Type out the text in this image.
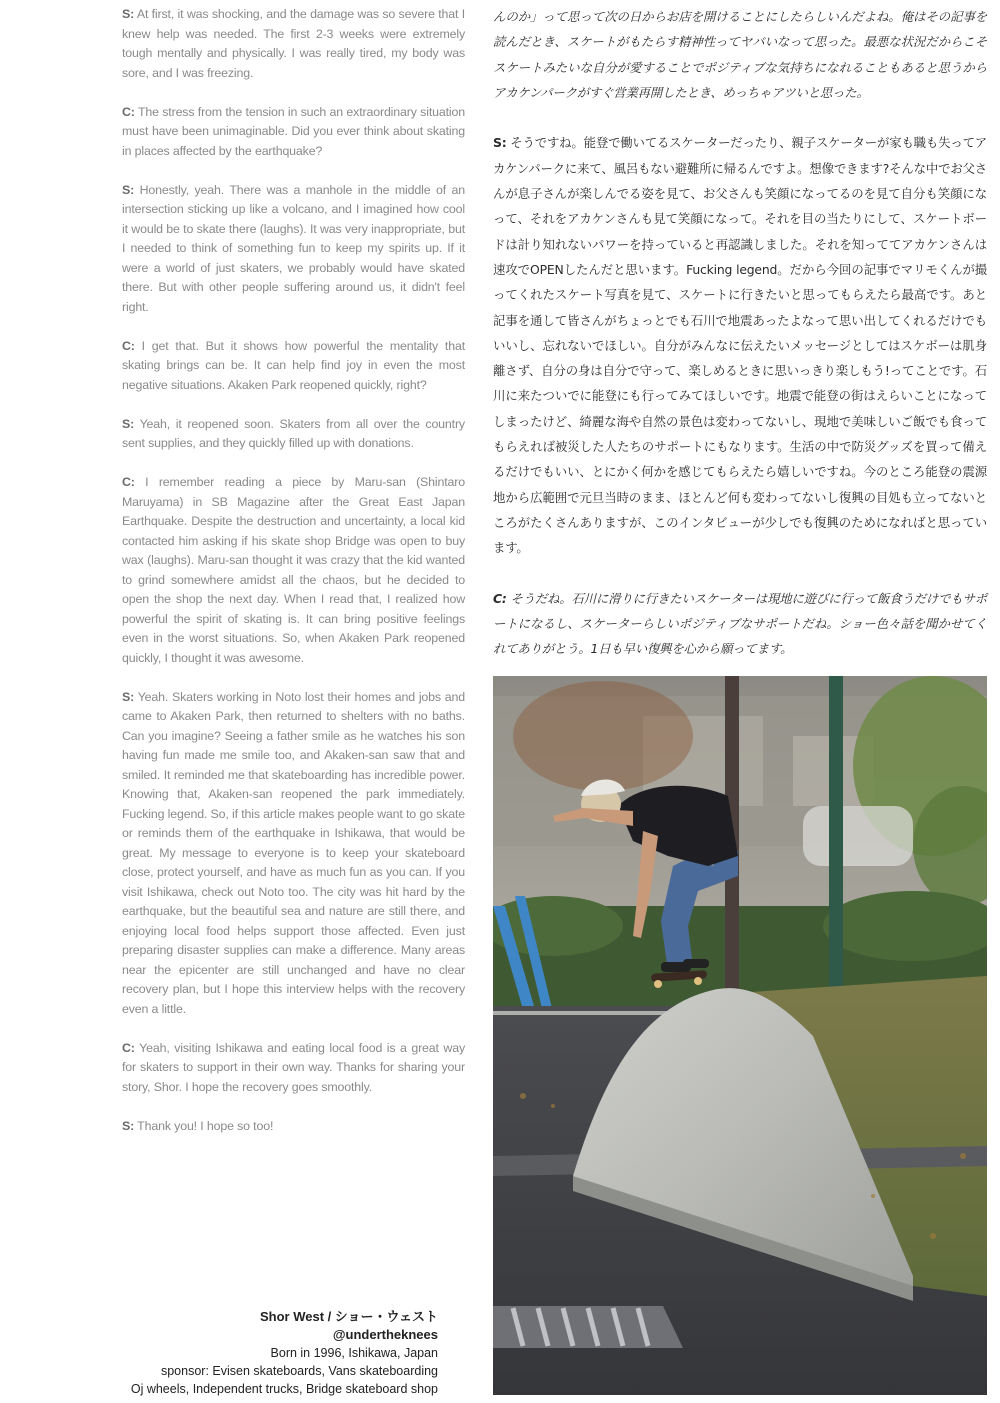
S: At first, it was shocking, and the damage was so severe that I knew help was needed. The first 2-3 weeks were extremely tough mentally and physically. I was really tired, my body was sore, and I was freezing.

C: The stress from the tension in such an extraordinary situation must have been unimaginable. Did you ever think about skating in places affected by the earthquake?

S: Honestly, yeah. There was a manhole in the middle of an intersection sticking up like a volcano, and I imagined how cool it would be to skate there (laughs). It was very inappropriate, but I needed to think of something fun to keep my spirits up. If it were a world of just skaters, we probably would have skated there. But with other people suffering around us, it didn't feel right.

C: I get that. But it shows how powerful the mentality that skating brings can be. It can help find joy in even the most negative situations. Akaken Park reopened quickly, right?

S: Yeah, it reopened soon. Skaters from all over the country sent supplies, and they quickly filled up with donations.

C: I remember reading a piece by Maru-san (Shintaro Maruyama) in SB Magazine after the Great East Japan Earthquake. Despite the destruction and uncertainty, a local kid contacted him asking if his skate shop Bridge was open to buy wax (laughs). Maru-san thought it was crazy that the kid wanted to grind somewhere amidst all the chaos, but he decided to open the shop the next day. When I read that, I realized how powerful the spirit of skating is. It can bring positive feelings even in the worst situations. So, when Akaken Park reopened quickly, I thought it was awesome.

S: Yeah. Skaters working in Noto lost their homes and jobs and came to Akaken Park, then returned to shelters with no baths. Can you imagine? Seeing a father smile as he watches his son having fun made me smile too, and Akaken-san saw that and smiled. It reminded me that skateboarding has incredible power. Knowing that, Akaken-san reopened the park immediately. Fucking legend. So, if this article makes people want to go skate or reminds them of the earthquake in Ishikawa, that would be great. My message to everyone is to keep your skateboard close, protect yourself, and have as much fun as you can. If you visit Ishikawa, check out Noto too. The city was hit hard by the earthquake, but the beautiful sea and nature are still there, and enjoying local food helps support those affected. Even just preparing disaster supplies can make a difference. Many areas near the epicenter are still unchanged and have no clear recovery plan, but I hope this interview helps with the recovery even a little.

C: Yeah, visiting Ishikawa and eating local food is a great way for skaters to support in their own way. Thanks for sharing your story, Shor. I hope the recovery goes smoothly.

S: Thank you! I hope so too!

んのか」って思って次の日からお店を開けることにしたらしいんだよね。俺はその記事を読んだとき、スケートがもたらす精神性ってヤバいなって思った。最悪な状況だからこそスケートみたいな自分が愛することでポジティブな気持ちになれることもあると思うからアカケンパークがすぐ営業再開したとき、めっちゃアツいと思った。

S: そうですね。能登で働いてるスケーターだったり、親子スケーターが家も職も失ってアカケンパークに来て、風呂もない避難所に帰るんですよ。想像できます?そんな中でお父さんが息子さんが楽しんでる姿を見て、お父さんも笑顔になってるのを見て自分も笑顔になって、それをアカケンさんも見て笑顔になって。それを目の当たりにして、スケートボードは計り知れないパワーを持っていると再認識しました。それを知っててアカケンさんは速攻でOPENしたんだと思います。Fucking legend。だから今回の記事でマリモくんが撮ってくれたスケート写真を見て、スケートに行きたいと思ってもらえたら最高です。あと記事を通して皆さんがちょっとでも石川で地震あったよなって思い出してくれるだけでもいいし、忘れないでほしい。自分がみんなに伝えたいメッセージとしてはスケボーは肌身離さず、自分の身は自分で守って、楽しめるときに思いっきり楽しもう!ってことです。石川に来たついでに能登にも行ってみてほしいです。地震で能登の街はえらいことになってしまったけど、綺麗な海や自然の景色は変わってないし、現地で美味しいご飯でも食ってもらえれば被災した人たちのサポートにもなります。生活の中で防災グッズを買って備えるだけでもいい、とにかく何かを感じてもらえたら嬉しいですね。今のところ能登の震源地から広範囲で元旦当時のまま、ほとんど何も変わってないし復興の目処も立ってないところがたくさんありますが、このインタビューが少しでも復興のためになればと思っています。

C: そうだね。石川に滑りに行きたいスケーターは現地に遊びに行って飯食うだけでもサポートになるし、スケーターらしいポジティブなサポートだね。ショー色々話を聞かせてくれてありがとう。1日も早い復興を心から願ってます。

Shor West / ショー・ウェスト
@undertheknees
Born in 1996, Ishikawa, Japan
sponsor: Evisen skateboards, Vans skateboarding
Oj wheels, Independent trucks, Bridge skateboard shop
